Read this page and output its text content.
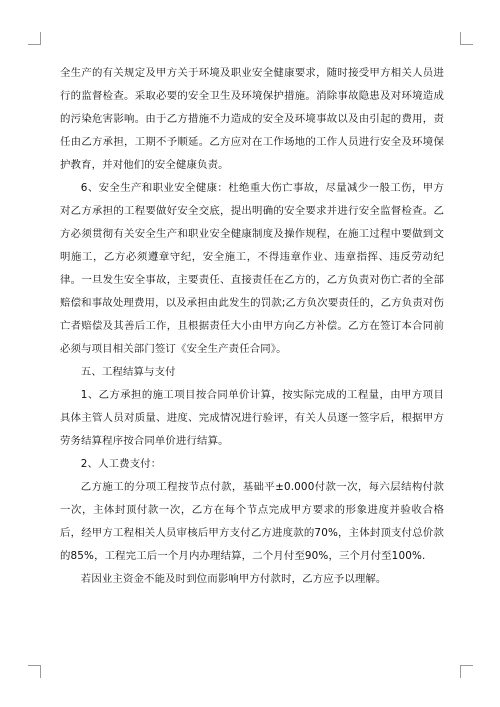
全生产的有关规定及甲方关于环境及职业安全健康要求，随时接受甲方相关人员进行的监督检查。采取必要的安全卫生及环境保护措施。消除事故隐患及对环境造成的污染危害影响。由于乙方措施不力造成的安全及环境事故以及由引起的费用，责任由乙方承担，工期不予顺延。乙方应对在工作场地的工作人员进行安全及环境保护教育，并对他们的安全健康负责。

6、安全生产和职业安全健康：杜绝重大伤亡事故，尽量减少一般工伤，甲方对乙方承担的工程要做好安全交底，提出明确的安全要求并进行安全监督检查。乙方必须贯彻有关安全生产和职业安全健康制度及操作规程，在施工过程中要做到文明施工，乙方必须遵章守纪，安全施工，不得违章作业、违章指挥、违反劳动纪律。一旦发生安全事故，主要责任、直接责任在乙方的，乙方负责对伤亡者的全部赔偿和事故处理费用，以及承担由此发生的罚款;乙方负次要责任的，乙方负责对伤亡者赔偿及其善后工作，且根据责任大小由甲方向乙方补偿。乙方在签订本合同前必须与项目相关部门签订《安全生产责任合同》。

五、工程结算与支付

1、乙方承担的施工项目按合同单价计算，按实际完成的工程量，由甲方项目具体主管人员对质量、进度、完成情况进行验评，有关人员逐一签字后，根据甲方劳务结算程序按合同单价进行结算。

2、人工费支付：

乙方施工的分项工程按节点付款，基础平±0.000付款一次，每六层结构付款一次，主体封顶付款一次，乙方在每个节点完成甲方要求的形象进度并验收合格后，经甲方工程相关人员审核后甲方支付乙方进度款的70%，主体封顶支付总价款的85%，工程完工后一个月内办理结算，二个月付至90%，三个月付至100%.

若因业主资金不能及时到位而影响甲方付款时，乙方应予以理解。
